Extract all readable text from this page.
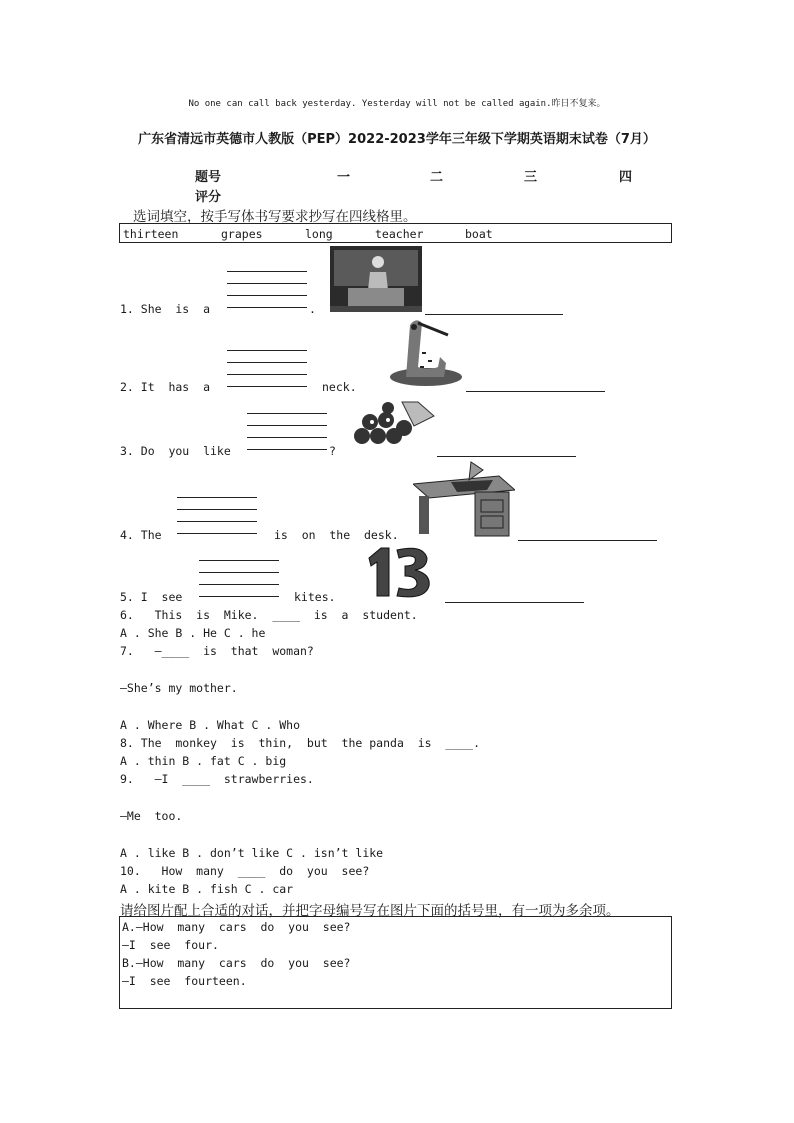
No one can call back yesterday. Yesterday will not be called again.昨日不复来。
广东省清远市英德市人教版（PEP）2022-2023学年三年级下学期英语期末试卷（7月）
题号	一	二	三	四
评分
选词填空，按手写体书写要求抄写在四线格里。
thirteen	grapes	long	teacher	boat
1. She  is  a	.
2. It  has  a	neck.
3. Do  you  like	?
4. The	is  on  the  desk.
5. I  see	kites.
6.   This  is  Mike.  ____  is  a  student.
A . She B . He C . he
7.   —____  is  that  woman?
—She’s my mother.
A . Where B . What C . Who
8. The  monkey  is  thin,  but  the panda  is  ____.
A . thin B . fat C . big
9.   —I  ____  strawberries.
—Me  too.
A . like B . don’t like C . isn’t like
10.   How  many  ____  do  you  see?
A . kite B . fish C . car
请给图片配上合适的对话，并把字母编号写在图片下面的括号里，有一项为多余项。
A.—How  many  cars  do  you  see?
—I  see  four.
B.—How  many  cars  do  you  see?
—I  see  fourteen.
